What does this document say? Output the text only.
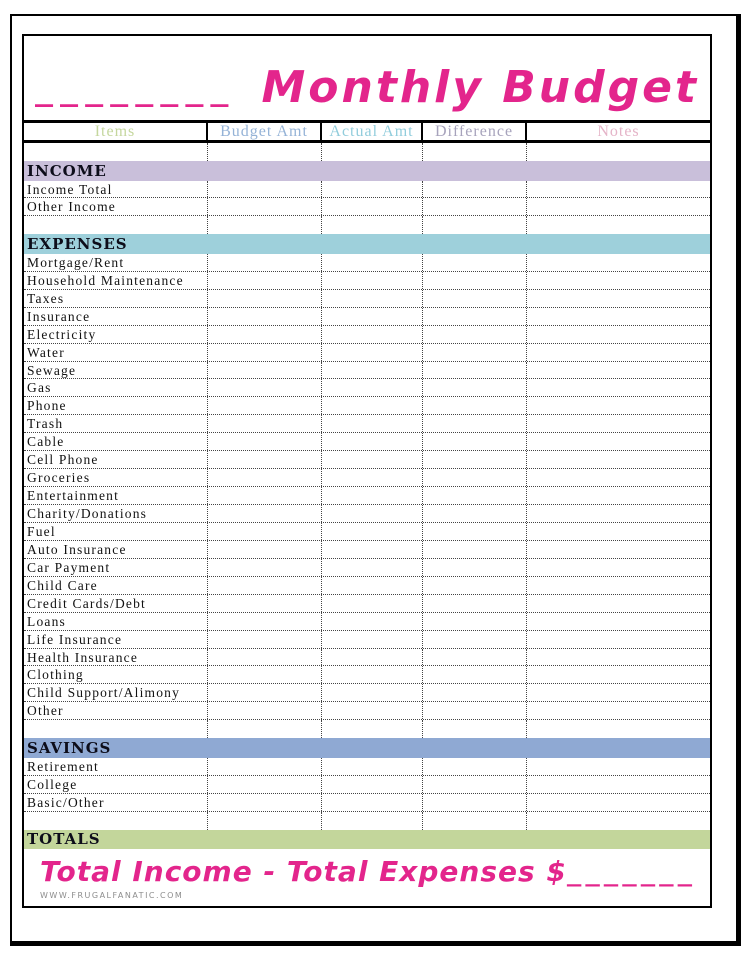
________ Monthly Budget
Items	Budget Amt	Actual Amt	Difference	Notes
INCOME
Income Total
Other Income
EXPENSES
Mortgage/Rent
Household Maintenance
Taxes
Insurance
Electricity
Water
Sewage
Gas
Phone
Trash
Cable
Cell Phone
Groceries
Entertainment
Charity/Donations
Fuel
Auto Insurance
Car Payment
Child Care
Credit Cards/Debt
Loans
Life Insurance
Health Insurance
Clothing
Child Support/Alimony
Other
SAVINGS
Retirement
College
Basic/Other
TOTALS
Total Income - Total Expenses $_______
WWW.FRUGALFANATIC.COM
